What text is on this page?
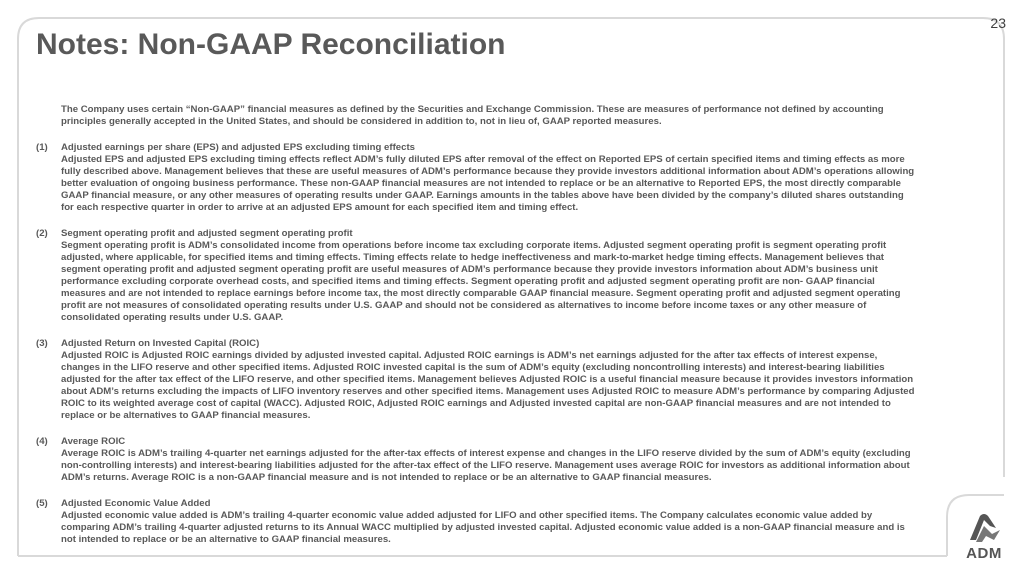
23
Notes: Non-GAAP Reconciliation
The Company uses certain “Non-GAAP” financial measures as defined by the Securities and Exchange Commission. These are measures of performance not defined by accounting principles generally accepted in the United States, and should be considered in addition to, not in lieu of, GAAP reported measures.
(1)	Adjusted earnings per share (EPS) and adjusted EPS excluding timing effects
Adjusted EPS and adjusted EPS excluding timing effects reflect ADM’s fully diluted EPS after removal of the effect on Reported EPS of certain specified items and timing effects as more fully described above. Management believes that these are useful measures of ADM’s performance because they provide investors additional information about ADM’s operations allowing better evaluation of ongoing business performance. These non-GAAP financial measures are not intended to replace or be an alternative to Reported EPS, the most directly comparable GAAP financial measure, or any other measures of operating results under GAAP. Earnings amounts in the tables above have been divided by the company’s diluted shares outstanding for each respective quarter in order to arrive at an adjusted EPS amount for each specified item and timing effect.
(2)	Segment operating profit and adjusted segment operating profit
Segment operating profit is ADM’s consolidated income from operations before income tax excluding corporate items. Adjusted segment operating profit is segment operating profit adjusted, where applicable, for specified items and timing effects. Timing effects relate to hedge ineffectiveness and mark-to-market hedge timing effects. Management believes that segment operating profit and adjusted segment operating profit are useful measures of ADM’s performance because they provide investors information about ADM’s business unit performance excluding corporate overhead costs, and specified items and timing effects. Segment operating profit and adjusted segment operating profit are non- GAAP financial measures and are not intended to replace earnings before income tax, the most directly comparable GAAP financial measure. Segment operating profit and adjusted segment operating profit are not measures of consolidated operating results under U.S. GAAP and should not be considered as alternatives to income before income taxes or any other measure of consolidated operating results under U.S. GAAP.
(3)	Adjusted Return on Invested Capital (ROIC)
Adjusted ROIC is Adjusted ROIC earnings divided by adjusted invested capital. Adjusted ROIC earnings is ADM’s net earnings adjusted for the after tax effects of interest expense, changes in the LIFO reserve and other specified items. Adjusted ROIC invested capital is the sum of ADM’s equity (excluding noncontrolling interests) and interest-bearing liabilities adjusted for the after tax effect of the LIFO reserve, and other specified items. Management believes Adjusted ROIC is a useful financial measure because it provides investors information about ADM’s returns excluding the impacts of LIFO inventory reserves and other specified items. Management uses Adjusted ROIC to measure ADM’s performance by comparing Adjusted ROIC to its weighted average cost of capital (WACC). Adjusted ROIC, Adjusted ROIC earnings and Adjusted invested capital are non-GAAP financial measures and are not intended to replace or be alternatives to GAAP financial measures.
(4)	Average ROIC
Average ROIC is ADM’s trailing 4-quarter net earnings adjusted for the after-tax effects of interest expense and changes in the LIFO reserve divided by the sum of ADM’s equity (excluding non-controlling interests) and interest-bearing liabilities adjusted for the after-tax effect of the LIFO reserve. Management uses average ROIC for investors as additional information about ADM’s returns. Average ROIC is a non-GAAP financial measure and is not intended to replace or be an alternative to GAAP financial measures.
(5)	Adjusted Economic Value Added
Adjusted economic value added is ADM’s trailing 4-quarter economic value added adjusted for LIFO and other specified items. The Company calculates economic value added by comparing ADM’s trailing 4-quarter adjusted returns to its Annual WACC multiplied by adjusted invested capital. Adjusted economic value added is a non-GAAP financial measure and is not intended to replace or be an alternative to GAAP financial measures.
ADM
